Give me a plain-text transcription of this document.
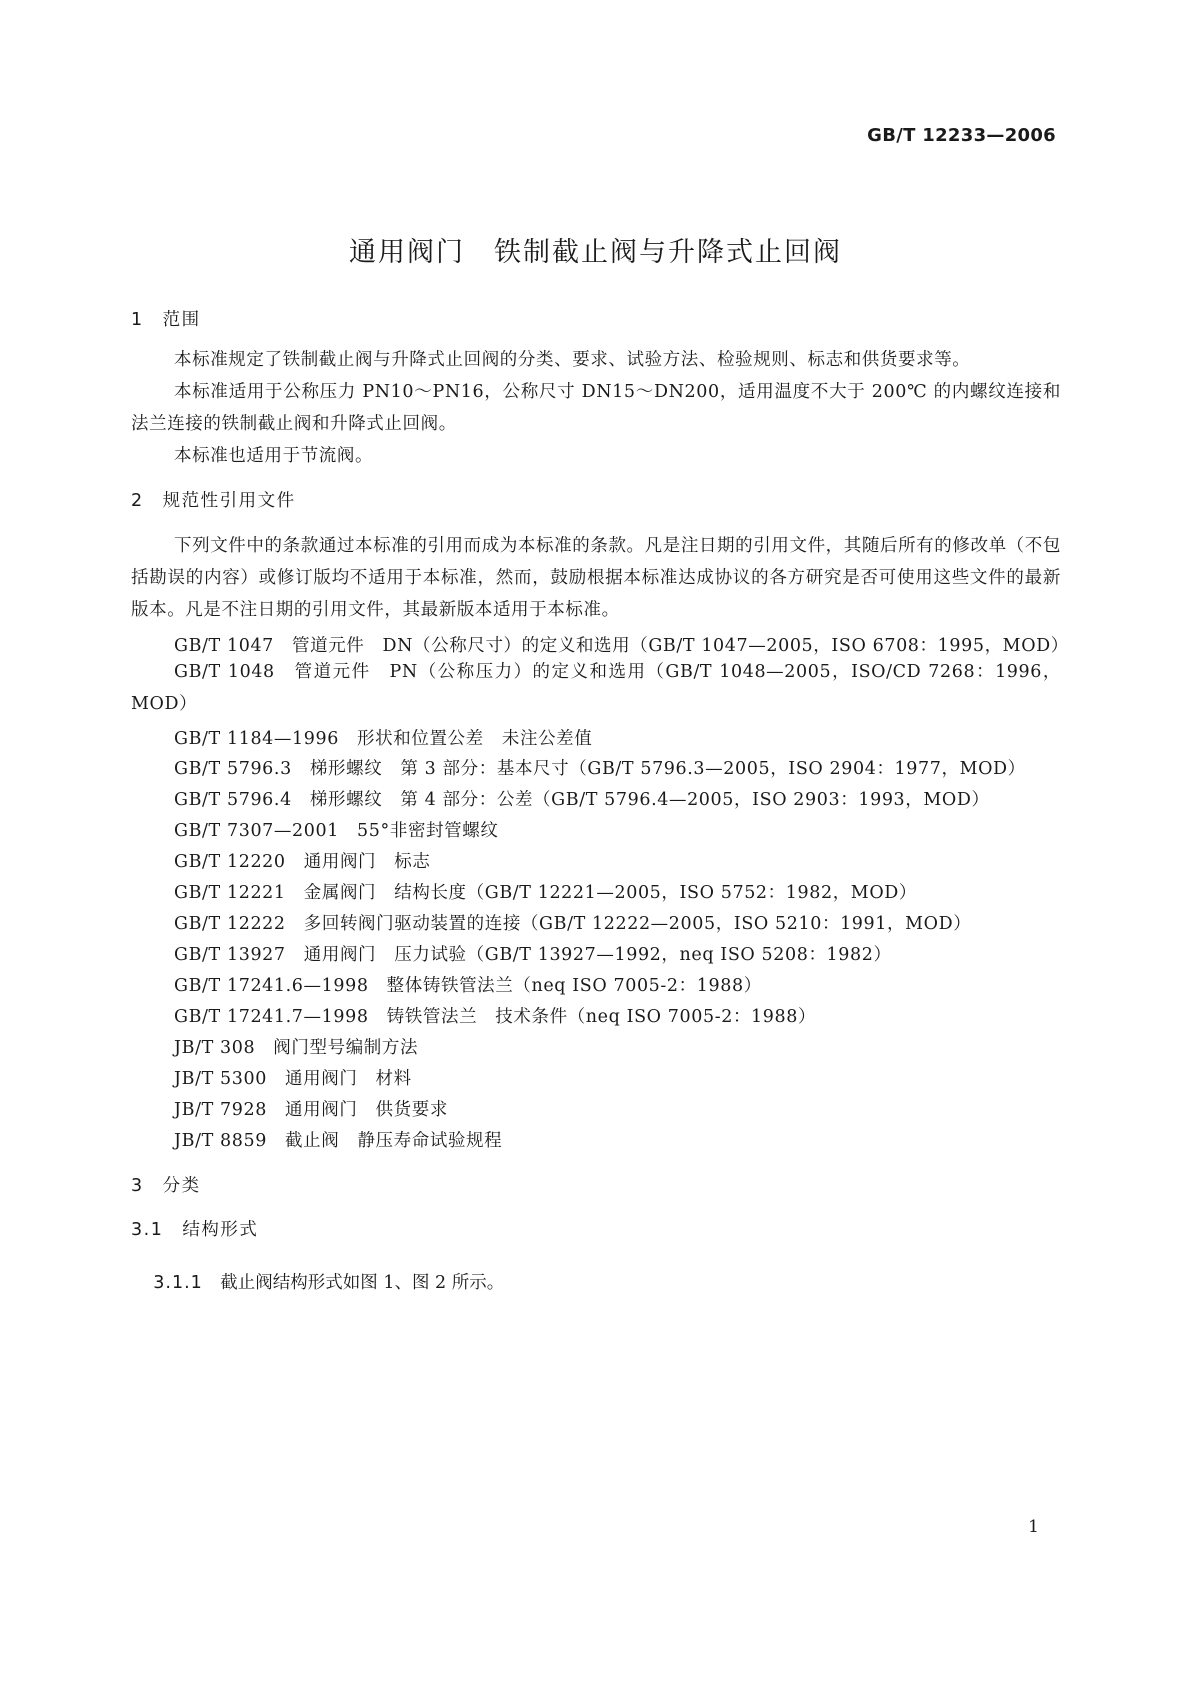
GB/T 12233—2006
通用阀门　铁制截止阀与升降式止回阀
1　范围
本标准规定了铁制截止阀与升降式止回阀的分类、要求、试验方法、检验规则、标志和供货要求等。
本标准适用于公称压力 PN10～PN16，公称尺寸 DN15～DN200，适用温度不大于 200℃ 的内螺纹连接和法兰连接的铁制截止阀和升降式止回阀。
本标准也适用于节流阀。
2　规范性引用文件
下列文件中的条款通过本标准的引用而成为本标准的条款。凡是注日期的引用文件，其随后所有的修改单（不包括勘误的内容）或修订版均不适用于本标准，然而，鼓励根据本标准达成协议的各方研究是否可使用这些文件的最新版本。凡是不注日期的引用文件，其最新版本适用于本标准。
GB/T 1047　管道元件　DN（公称尺寸）的定义和选用（GB/T 1047—2005，ISO 6708：1995，MOD）
GB/T 1048　管道元件　PN（公称压力）的定义和选用（GB/T 1048—2005，ISO/CD 7268：1996，MOD）
GB/T 1184—1996　形状和位置公差　未注公差值
GB/T 5796.3　梯形螺纹　第 3 部分：基本尺寸（GB/T 5796.3—2005，ISO 2904：1977，MOD）
GB/T 5796.4　梯形螺纹　第 4 部分：公差（GB/T 5796.4—2005，ISO 2903：1993，MOD）
GB/T 7307—2001　55°非密封管螺纹
GB/T 12220　通用阀门　标志
GB/T 12221　金属阀门　结构长度（GB/T 12221—2005，ISO 5752：1982，MOD）
GB/T 12222　多回转阀门驱动装置的连接（GB/T 12222—2005，ISO 5210：1991，MOD）
GB/T 13927　通用阀门　压力试验（GB/T 13927—1992，neq ISO 5208：1982）
GB/T 17241.6—1998　整体铸铁管法兰（neq ISO 7005-2：1988）
GB/T 17241.7—1998　铸铁管法兰　技术条件（neq ISO 7005-2：1988）
JB/T 308　阀门型号编制方法
JB/T 5300　通用阀门　材料
JB/T 7928　通用阀门　供货要求
JB/T 8859　截止阀　静压寿命试验规程
3　分类
3.1　结构形式

3.1.1　 截止阀结构形式如图 1、图 2 所示。

1
